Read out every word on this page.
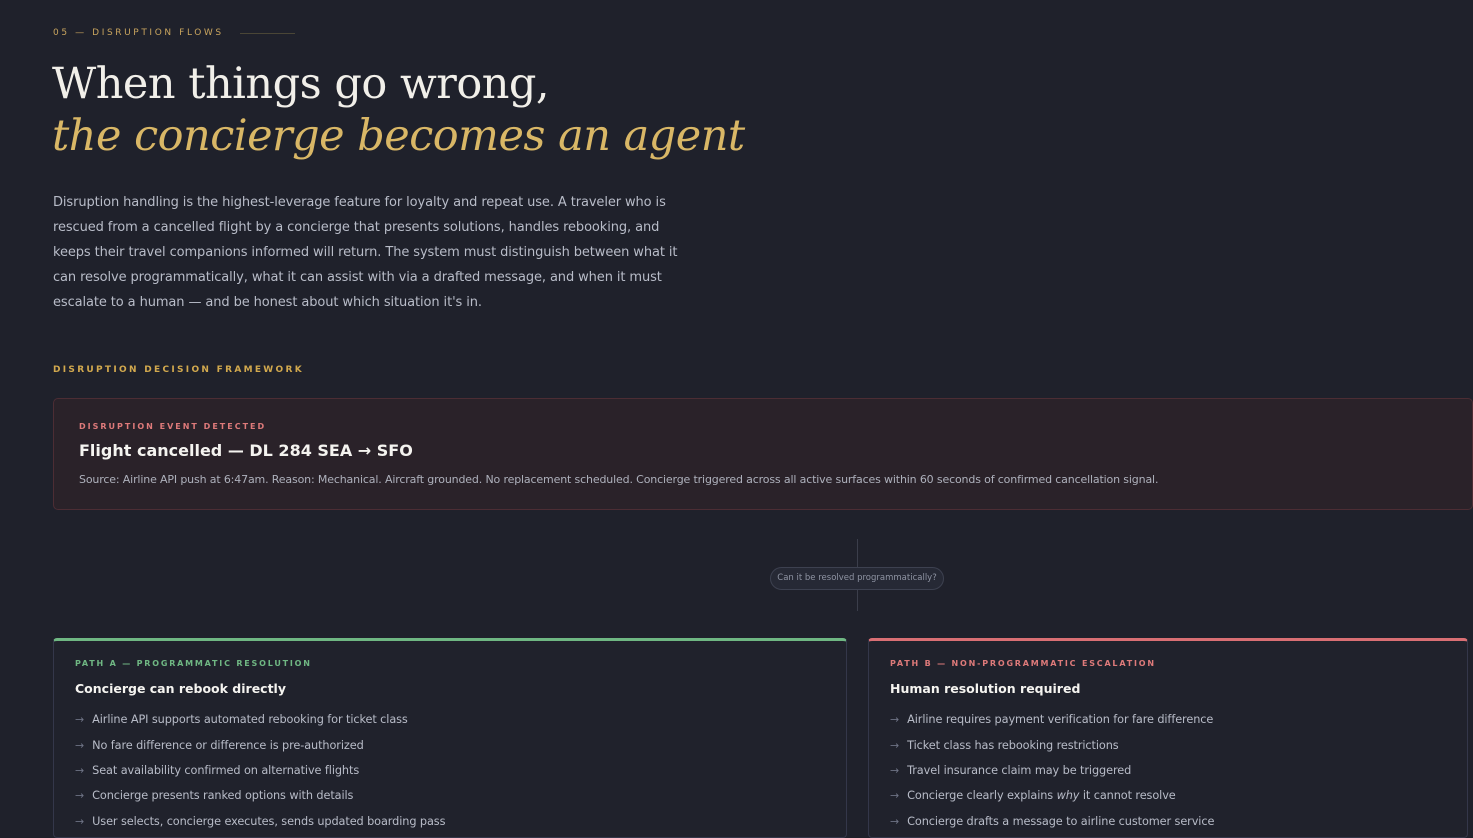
05 — DISRUPTION FLOWS
When things go wrong,
the concierge becomes an agent

Disruption handling is the highest-leverage feature for loyalty and repeat use. A traveler who is rescued from a cancelled flight by a concierge that presents solutions, handles rebooking, and keeps their travel companions informed will return. The system must distinguish between what it can resolve programmatically, what it can assist with via a drafted message, and when it must escalate to a human — and be honest about which situation it's in.

DISRUPTION DECISION FRAMEWORK
DISRUPTION EVENT DETECTED
Flight cancelled — DL 284 SEA → SFO
Source: Airline API push at 6:47am. Reason: Mechanical. Aircraft grounded. No replacement scheduled. Concierge triggered across all active surfaces within 60 seconds of confirmed cancellation signal.
Can it be resolved programmatically?
PATH A — PROGRAMMATIC RESOLUTION
Concierge can rebook directly
→ Airline API supports automated rebooking for ticket class
→ No fare difference or difference is pre-authorized
→ Seat availability confirmed on alternative flights
→ Concierge presents ranked options with details
→ User selects, concierge executes, sends updated boarding pass
PATH B — NON-PROGRAMMATIC ESCALATION
Human resolution required
→ Airline requires payment verification for fare difference
→ Ticket class has rebooking restrictions
→ Travel insurance claim may be triggered
→ Concierge clearly explains why it cannot resolve
→ Concierge drafts a message to airline customer service
